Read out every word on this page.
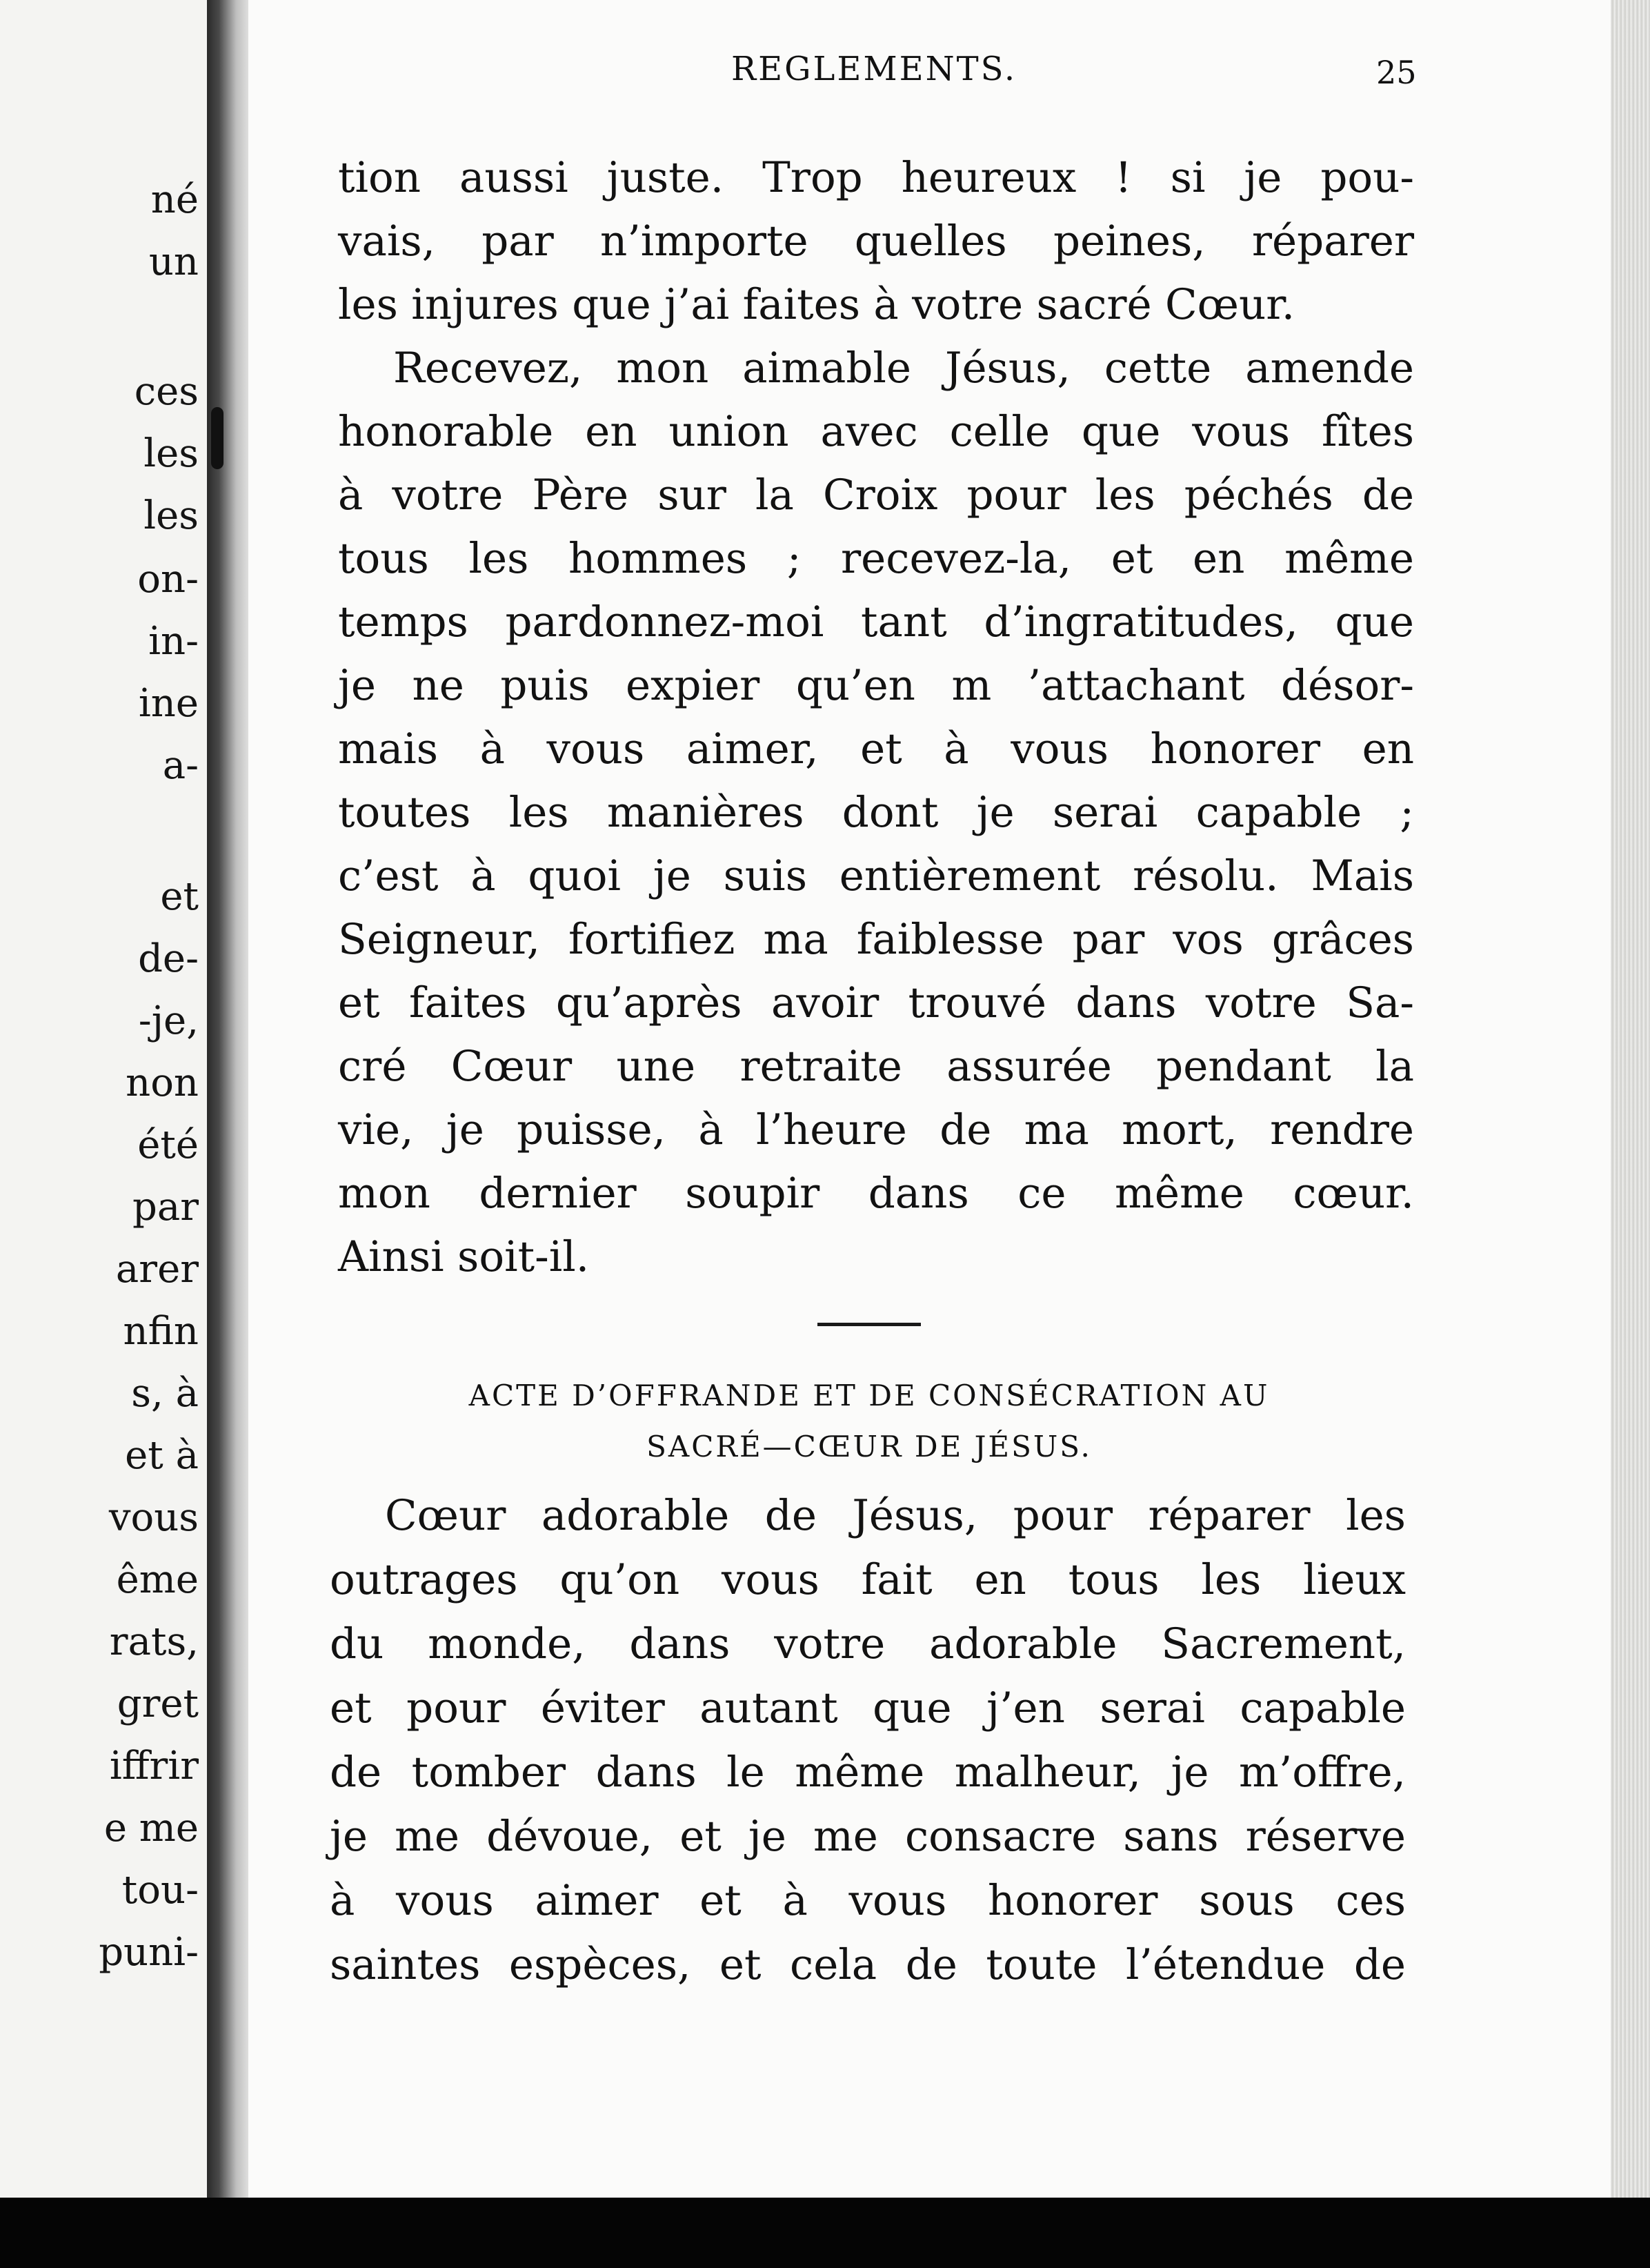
né
un
ces
les
les
on-
in-
ine
a-
et
de-
-je,
non
été
par
arer
nfin
s, à
et à
vous
ême
rats,
gret
iffrir
e me
tou-
puni-
REGLEMENTS.	25
tion aussi juste. Trop heureux ! si je pou-
vais, par n’importe quelles peines, réparer
les injures que j’ai faites à votre sacré Cœur.
Recevez, mon aimable Jésus, cette amende
honorable en union avec celle que vous fîtes
à votre Père sur la Croix pour les péchés de
tous les hommes ; recevez-la, et en même
temps pardonnez-moi tant d’ingratitudes, que
je ne puis expier qu’en m ’attachant désor-
mais à vous aimer, et à vous honorer en
toutes les manières dont je serai capable ;
c’est à quoi je suis entièrement résolu. Mais
Seigneur, fortifiez ma faiblesse par vos grâces
et faites qu’après avoir trouvé dans votre Sa-
cré Cœur une retraite assurée pendant la
vie, je puisse, à l’heure de ma mort, rendre
mon dernier soupir dans ce même cœur.
Ainsi soit-il.
ACTE D’OFFRANDE ET DE CONSÉCRATION AU
SACRÉ—CŒUR DE JÉSUS.
Cœur adorable de Jésus, pour réparer les
outrages qu’on vous fait en tous les lieux
du monde, dans votre adorable Sacrement,
et pour éviter autant que j’en serai capable
de tomber dans le même malheur, je m’offre,
je me dévoue, et je me consacre sans réserve
à vous aimer et à vous honorer sous ces
saintes espèces, et cela de toute l’étendue de
